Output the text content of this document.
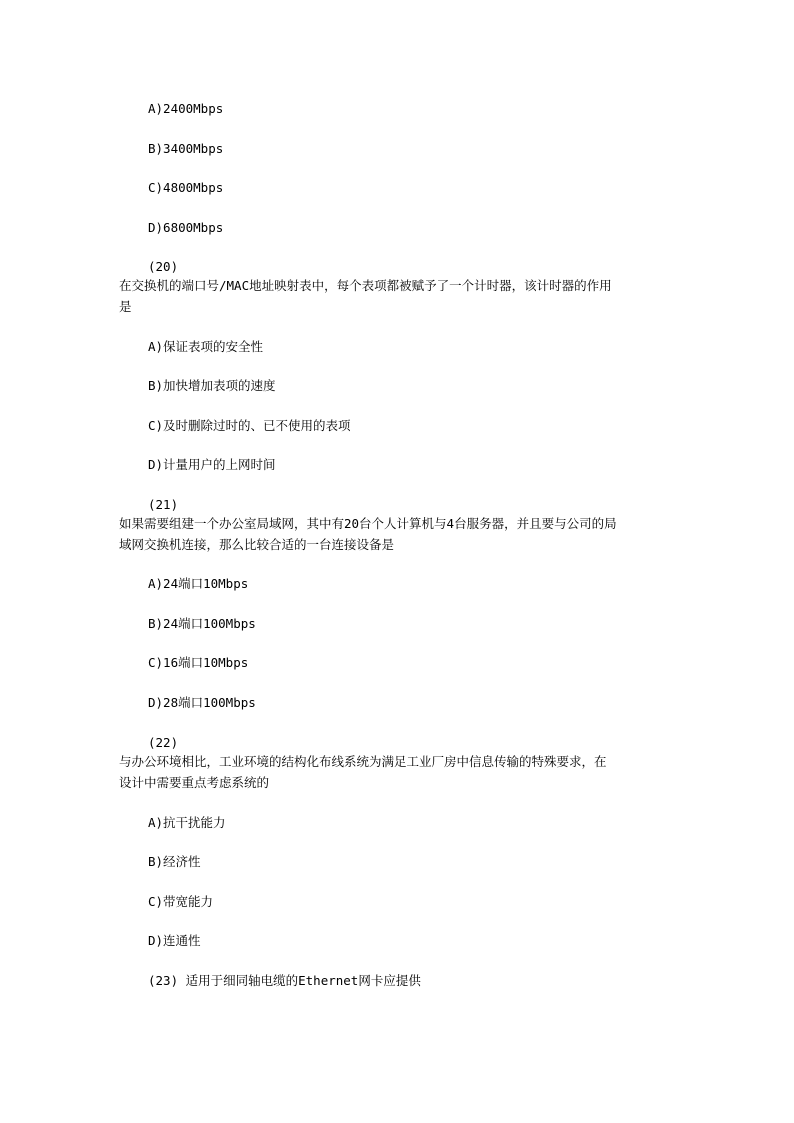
A)2400Mbps
B)3400Mbps
C)4800Mbps
D)6800Mbps
(20)
在交换机的端口号/MAC地址映射表中，每个表项都被赋予了一个计时器，该计时器的作用
是
A)保证表项的安全性
B)加快增加表项的速度
C)及时删除过时的、已不使用的表项
D)计量用户的上网时间
(21)
如果需要组建一个办公室局域网，其中有20台个人计算机与4台服务器，并且要与公司的局
域网交换机连接，那么比较合适的一台连接设备是
A)24端口10Mbps
B)24端口100Mbps
C)16端口10Mbps
D)28端口100Mbps
(22)
与办公环境相比，工业环境的结构化布线系统为满足工业厂房中信息传输的特殊要求，在
设计中需要重点考虑系统的
A)抗干扰能力
B)经济性
C)带宽能力
D)连通性
(23) 适用于细同轴电缆的Ethernet网卡应提供
